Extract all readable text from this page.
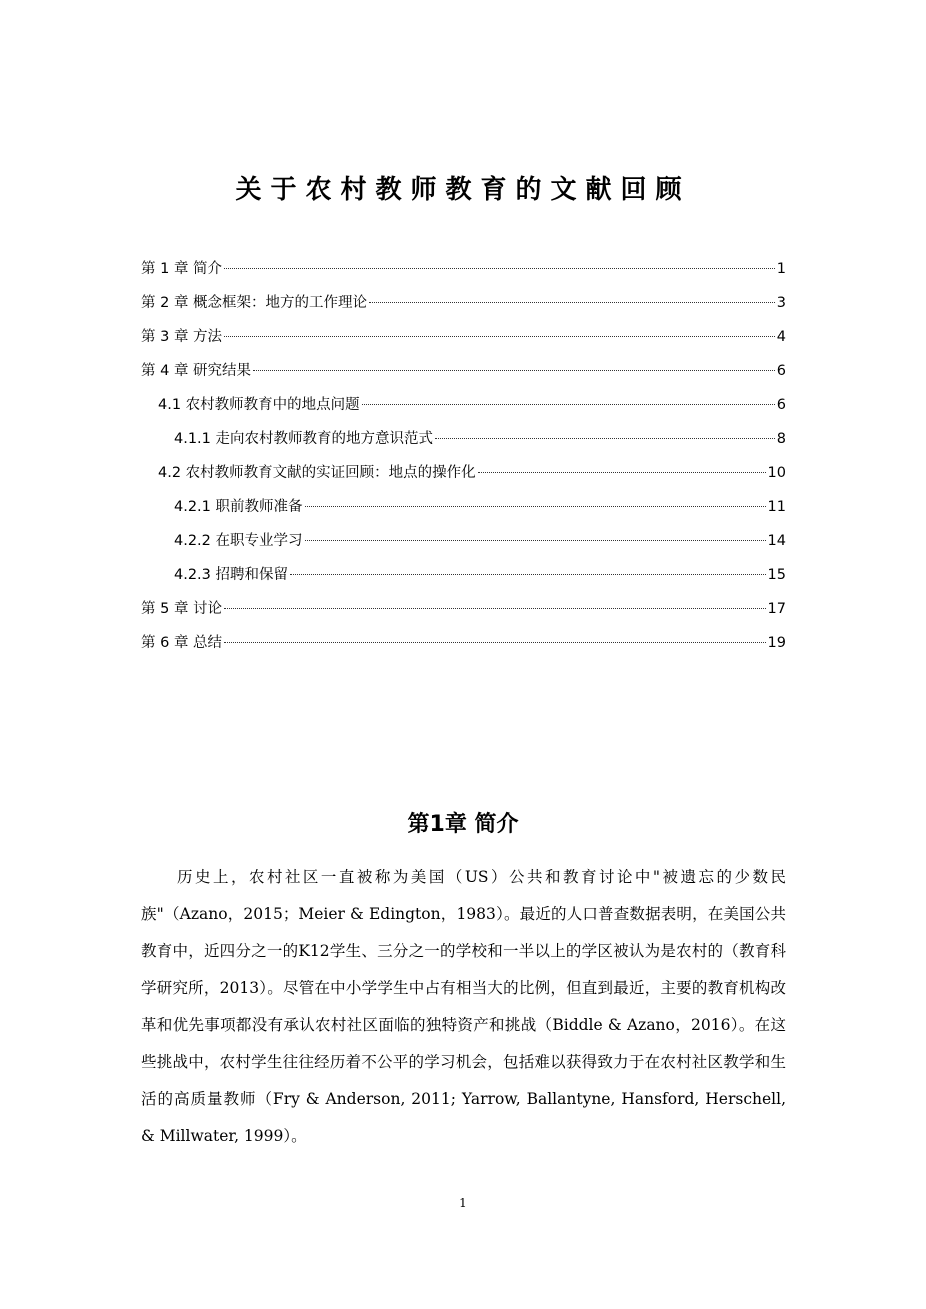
关于农村教师教育的文献回顾
第 1 章 简介	1
第 2 章 概念框架：地方的工作理论	3
第 3 章 方法	4
第 4 章 研究结果	6
4.1 农村教师教育中的地点问题	6
4.1.1 走向农村教师教育的地方意识范式	8
4.2 农村教师教育文献的实证回顾：地点的操作化	10
4.2.1 职前教师准备	11
4.2.2 在职专业学习	14
4.2.3 招聘和保留	15
第 5 章 讨论	17
第 6 章 总结	19
第1章 简介

历史上，农村社区一直被称为美国（US）公共和教育讨论中"被遗忘的少数民族"（Azano，2015；Meier & Edington，1983）。最近的人口普查数据表明，在美国公共教育中，近四分之一的K12学生、三分之一的学校和一半以上的学区被认为是农村的（教育科学研究所，2013）。尽管在中小学学生中占有相当大的比例，但直到最近，主要的教育机构改革和优先事项都没有承认农村社区面临的独特资产和挑战（Biddle & Azano，2016）。在这些挑战中，农村学生往往经历着不公平的学习机会，包括难以获得致力于在农村社区教学和生活的高质量教师（Fry & Anderson, 2011; Yarrow, Ballantyne, Hansford, Herschell, & Millwater, 1999）。

1
